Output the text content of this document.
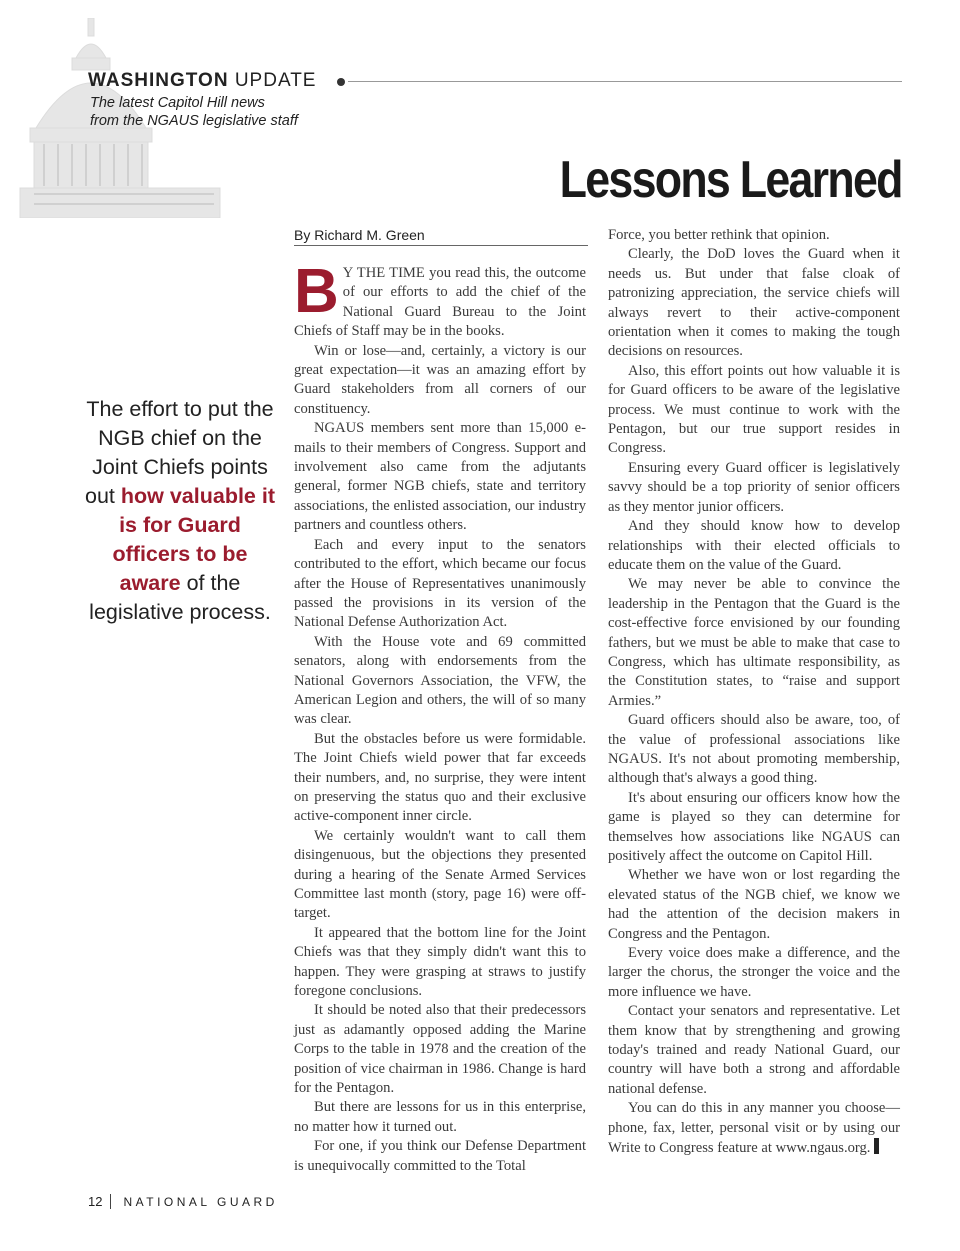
WASHINGTON UPDATE
The latest Capitol Hill news
from the NGAUS legislative staff
Lessons Learned
By Richard M. Green
The effort to put the NGB chief on the Joint Chiefs points out how valuable it is for Guard officers to be aware of the legislative process.

B Y THE TIME you read this, the outcome of our efforts to add the chief of the National Guard Bureau to the Joint Chiefs of Staff may be in the books.

Win or lose—and, certainly, a victory is our great expectation—it was an amazing effort by Guard stakeholders from all corners of our constituency.

NGAUS members sent more than 15,000 e-mails to their members of Congress. Support and involvement also came from the adjutants general, former NGB chiefs, state and territory associations, the enlisted association, our industry partners and countless others.

Each and every input to the senators contributed to the effort, which became our focus after the House of Representatives unanimously passed the provisions in its version of the National Defense Authorization Act.

With the House vote and 69 committed senators, along with endorsements from the National Governors Association, the VFW, the American Legion and others, the will of so many was clear.

But the obstacles before us were formidable. The Joint Chiefs wield power that far exceeds their numbers, and, no surprise, they were intent on preserving the status quo and their exclusive active-component inner circle.

We certainly wouldn't want to call them disingenuous, but the objections they presented during a hearing of the Senate Armed Services Committee last month (story, page 16) were off-target.

It appeared that the bottom line for the Joint Chiefs was that they simply didn't want this to happen. They were grasping at straws to justify foregone conclusions.

It should be noted also that their predecessors just as adamantly opposed adding the Marine Corps to the table in 1978 and the creation of the position of vice chairman in 1986. Change is hard for the Pentagon.

But there are lessons for us in this enterprise, no matter how it turned out.

For one, if you think our Defense Department is unequivocally committed to the Total

Force, you better rethink that opinion.

Clearly, the DoD loves the Guard when it needs us. But under that false cloak of patronizing appreciation, the service chiefs will always revert to their active-component orientation when it comes to making the tough decisions on resources.

Also, this effort points out how valuable it is for Guard officers to be aware of the legislative process. We must continue to work with the Pentagon, but our true support resides in Congress.

Ensuring every Guard officer is legislatively savvy should be a top priority of senior officers as they mentor junior officers.

And they should know how to develop relationships with their elected officials to educate them on the value of the Guard.

We may never be able to convince the leadership in the Pentagon that the Guard is the cost-effective force envisioned by our founding fathers, but we must be able to make that case to Congress, which has ultimate responsibility, as the Constitution states, to “raise and support Armies.”

Guard officers should also be aware, too, of the value of professional associations like NGAUS. It's not about promoting membership, although that's always a good thing.

It's about ensuring our officers know how the game is played so they can determine for themselves how associations like NGAUS can positively affect the outcome on Capitol Hill.

Whether we have won or lost regarding the elevated status of the NGB chief, we know we had the attention of the decision makers in Congress and the Pentagon.

Every voice does make a difference, and the larger the chorus, the stronger the voice and the more influence we have.

Contact your senators and representative. Let them know that by strengthening and growing today's trained and ready National Guard, our country will have both a strong and affordable national defense.

You can do this in any manner you choose—phone, fax, letter, personal visit or by using our Write to Congress feature at www.ngaus.org.

12 NATIONAL GUARD
